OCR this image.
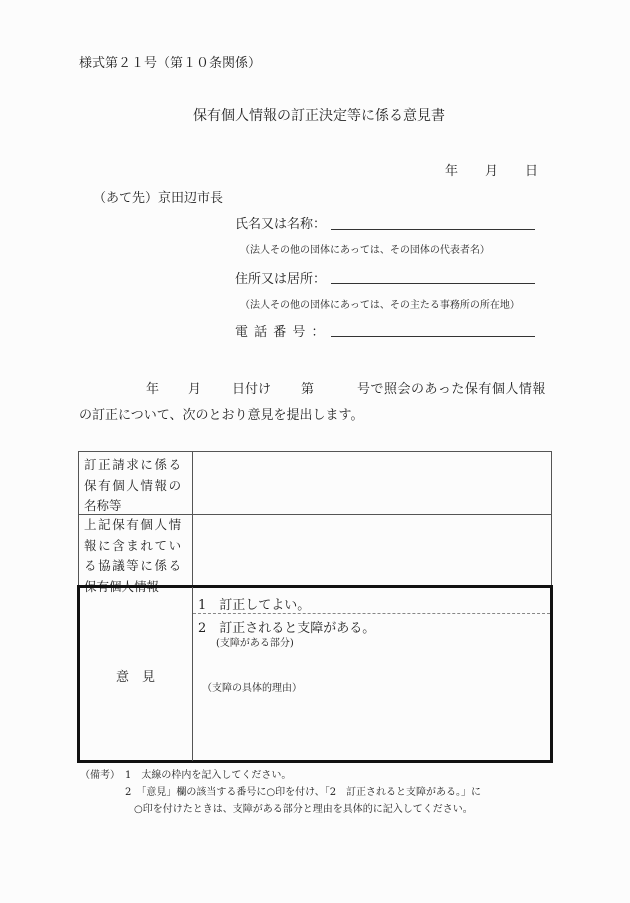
様式第２１号（第１０条関係）
保有個人情報の訂正決定等に係る意見書
年 月 日
（あて先）京田辺市長
氏名又は名称：
（法人その他の団体にあっては、その団体の代表者名）
住所又は居所：
（法人その他の団体にあっては、その主たる事務所の所在地）
電 話 番 号 ：
年 月 日付け 第	号で照会のあった保有個人情報
の訂正について、次のとおり意見を提出します。
訂正請求に係る
保有個人情報の
名称等
上記保有個人情
報に含まれてい
る協議等に係る
保有個人情報
意　見
1　訂正してよい。
2　訂正されると支障がある。
(支障がある部分)
（支障の具体的理由）
（備考） 1　太線の枠内を記入してください。
2　「意見」欄の該当する番号に○印を付け、「2　訂正されると支障がある。」に
○印を付けたときは、支障がある部分と理由を具体的に記入してください。
